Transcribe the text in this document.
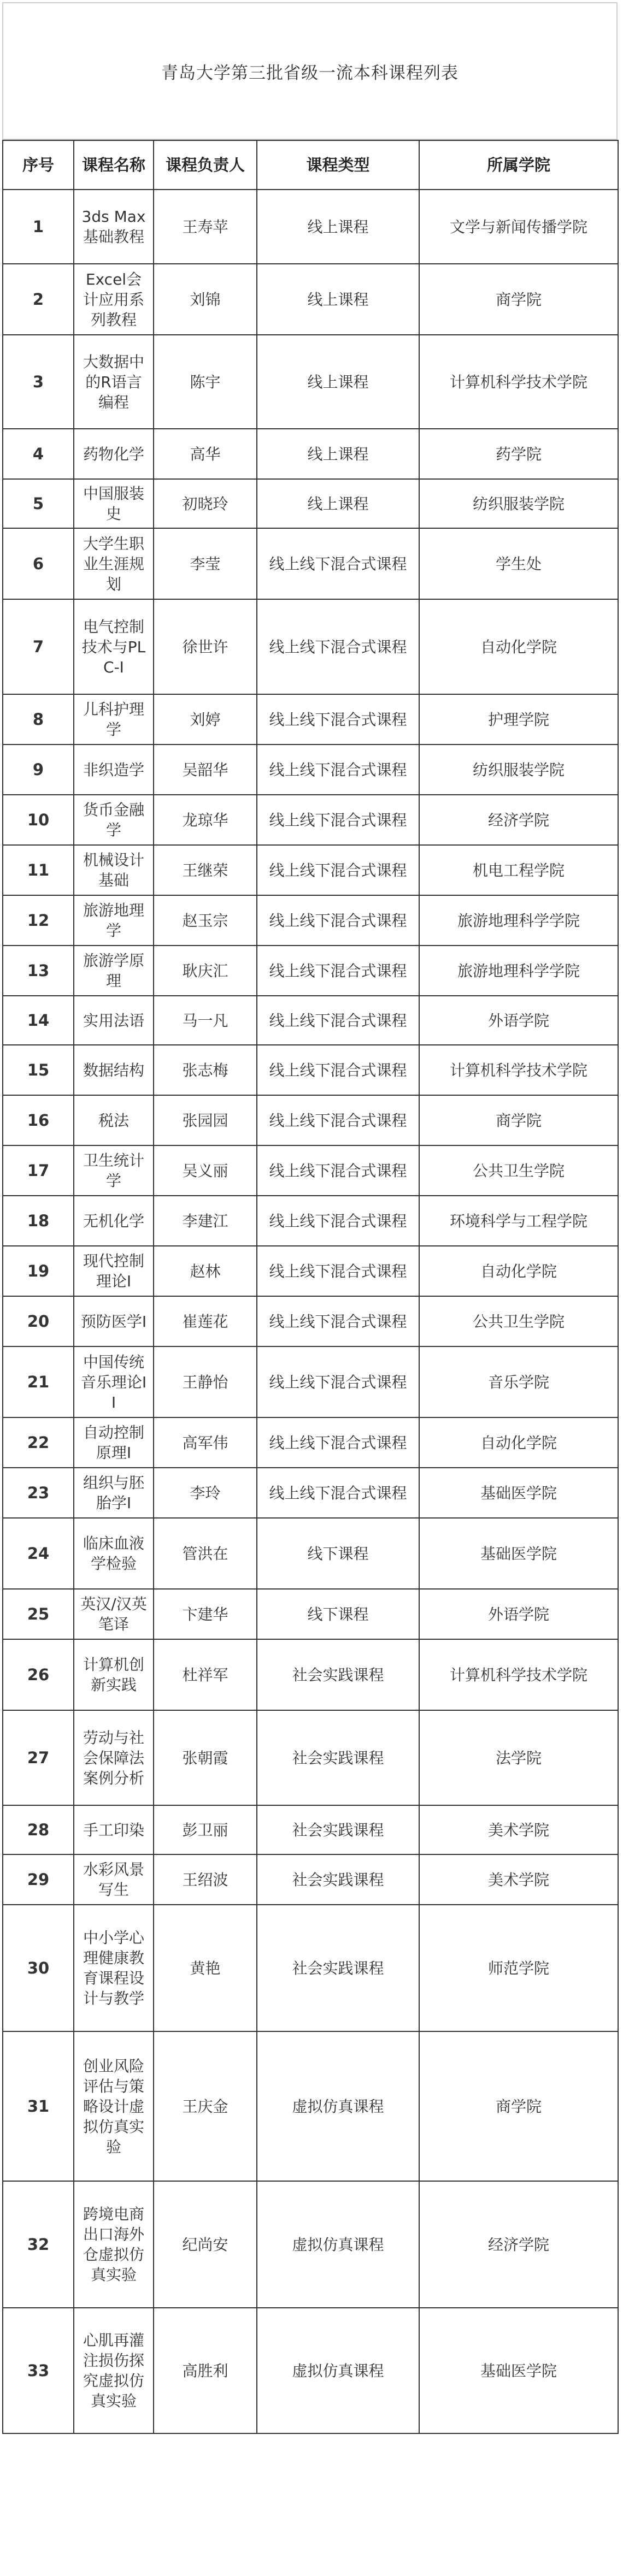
青岛大学第三批省级一流本科课程列表
序号	课程名称	课程负责人	课程类型	所属学院
1	3ds Max 基础教程	王寿苹	线上课程	文学与新闻传播学院
2	Excel会计应用系列教程	刘锦	线上课程	商学院
3	大数据中的R语言编程	陈宇	线上课程	计算机科学技术学院
4	药物化学	高华	线上课程	药学院
5	中国服装史	初晓玲	线上课程	纺织服装学院
6	大学生职业生涯规划	李莹	线上线下混合式课程	学生处
7	电气控制技术与PLC-I	徐世许	线上线下混合式课程	自动化学院
8	儿科护理学	刘婷	线上线下混合式课程	护理学院
9	非织造学	吴韶华	线上线下混合式课程	纺织服装学院
10	货币金融学	龙琼华	线上线下混合式课程	经济学院
11	机械设计基础	王继荣	线上线下混合式课程	机电工程学院
12	旅游地理学	赵玉宗	线上线下混合式课程	旅游地理科学学院
13	旅游学原理	耿庆汇	线上线下混合式课程	旅游地理科学学院
14	实用法语	马一凡	线上线下混合式课程	外语学院
15	数据结构	张志梅	线上线下混合式课程	计算机科学技术学院
16	税法	张园园	线上线下混合式课程	商学院
17	卫生统计学	吴义丽	线上线下混合式课程	公共卫生学院
18	无机化学	李建江	线上线下混合式课程	环境科学与工程学院
19	现代控制理论I	赵林	线上线下混合式课程	自动化学院
20	预防医学I	崔莲花	线上线下混合式课程	公共卫生学院
21	中国传统音乐理论II	王静怡	线上线下混合式课程	音乐学院
22	自动控制原理I	高军伟	线上线下混合式课程	自动化学院
23	组织与胚胎学I	李玲	线上线下混合式课程	基础医学院
24	临床血液学检验	管洪在	线下课程	基础医学院
25	英汉/汉英笔译	卞建华	线下课程	外语学院
26	计算机创新实践	杜祥军	社会实践课程	计算机科学技术学院
27	劳动与社会保障法案例分析	张朝霞	社会实践课程	法学院
28	手工印染	彭卫丽	社会实践课程	美术学院
29	水彩风景写生	王绍波	社会实践课程	美术学院
30	中小学心理健康教育课程设计与教学	黄艳	社会实践课程	师范学院
31	创业风险评估与策略设计虚拟仿真实验	王庆金	虚拟仿真课程	商学院
32	跨境电商出口海外仓虚拟仿真实验	纪尚安	虚拟仿真课程	经济学院
33	心肌再灌注损伤探究虚拟仿真实验	高胜利	虚拟仿真课程	基础医学院
